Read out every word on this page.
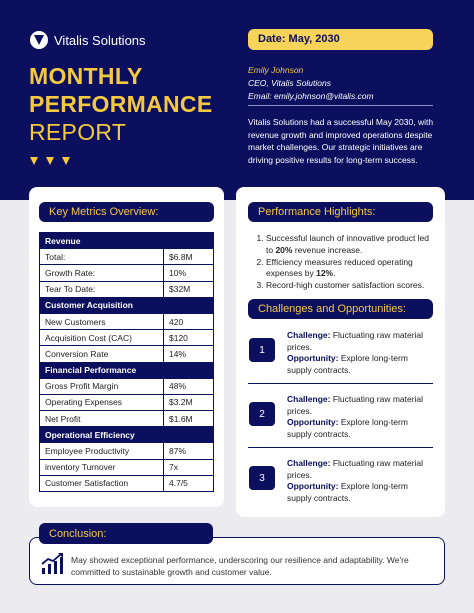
Vitalis Solutions
MONTHLY
PERFORMANCE
REPORT
Date: May, 2030
Emily Johnson
CEO, Vitalis Solutions
Email: emily.johnson@vitalis.com
Vitalis Solutions had a successful May 2030, with revenue growth and improved operations despite market challenges. Our strategic initiatives are driving positive results for long-term success.
Key Metrics Overview:
Revenue	
Total:	$6.8M
Growth Rate:	10%
Tear To Date:	$32M
Customer Acquisition	
New Customers	420
Acquisition Cost (CAC)	$120
Conversion Rate	14%
Financial Performance	
Gross Profit Margin	48%
Operating Expenses	$3.2M
Net Profit	$1.6M
Operational Efficiency	
Employee Productivity	87%
inventory Turnover	7x
Customer Satisfaction	4.7/5
Performance Highlights:
1. Successful launch of innovative product led to 20% revenue increase.
2. Efficiency measures reduced operating expenses by 12%.
3. Record-high customer satisfaction scores.
Challenges and Opportunities:
1
Challenge: Fluctuating raw material prices.
Opportunity: Explore long-term supply contracts.
2
Challenge: Fluctuating raw material prices.
Opportunity: Explore long-term supply contracts.
3
Challenge: Fluctuating raw material prices.
Opportunity: Explore long-term supply contracts.
Conclusion:
May showed exceptional performance, underscoring our resilience and adaptability. We're committed to sustainable growth and customer value.
